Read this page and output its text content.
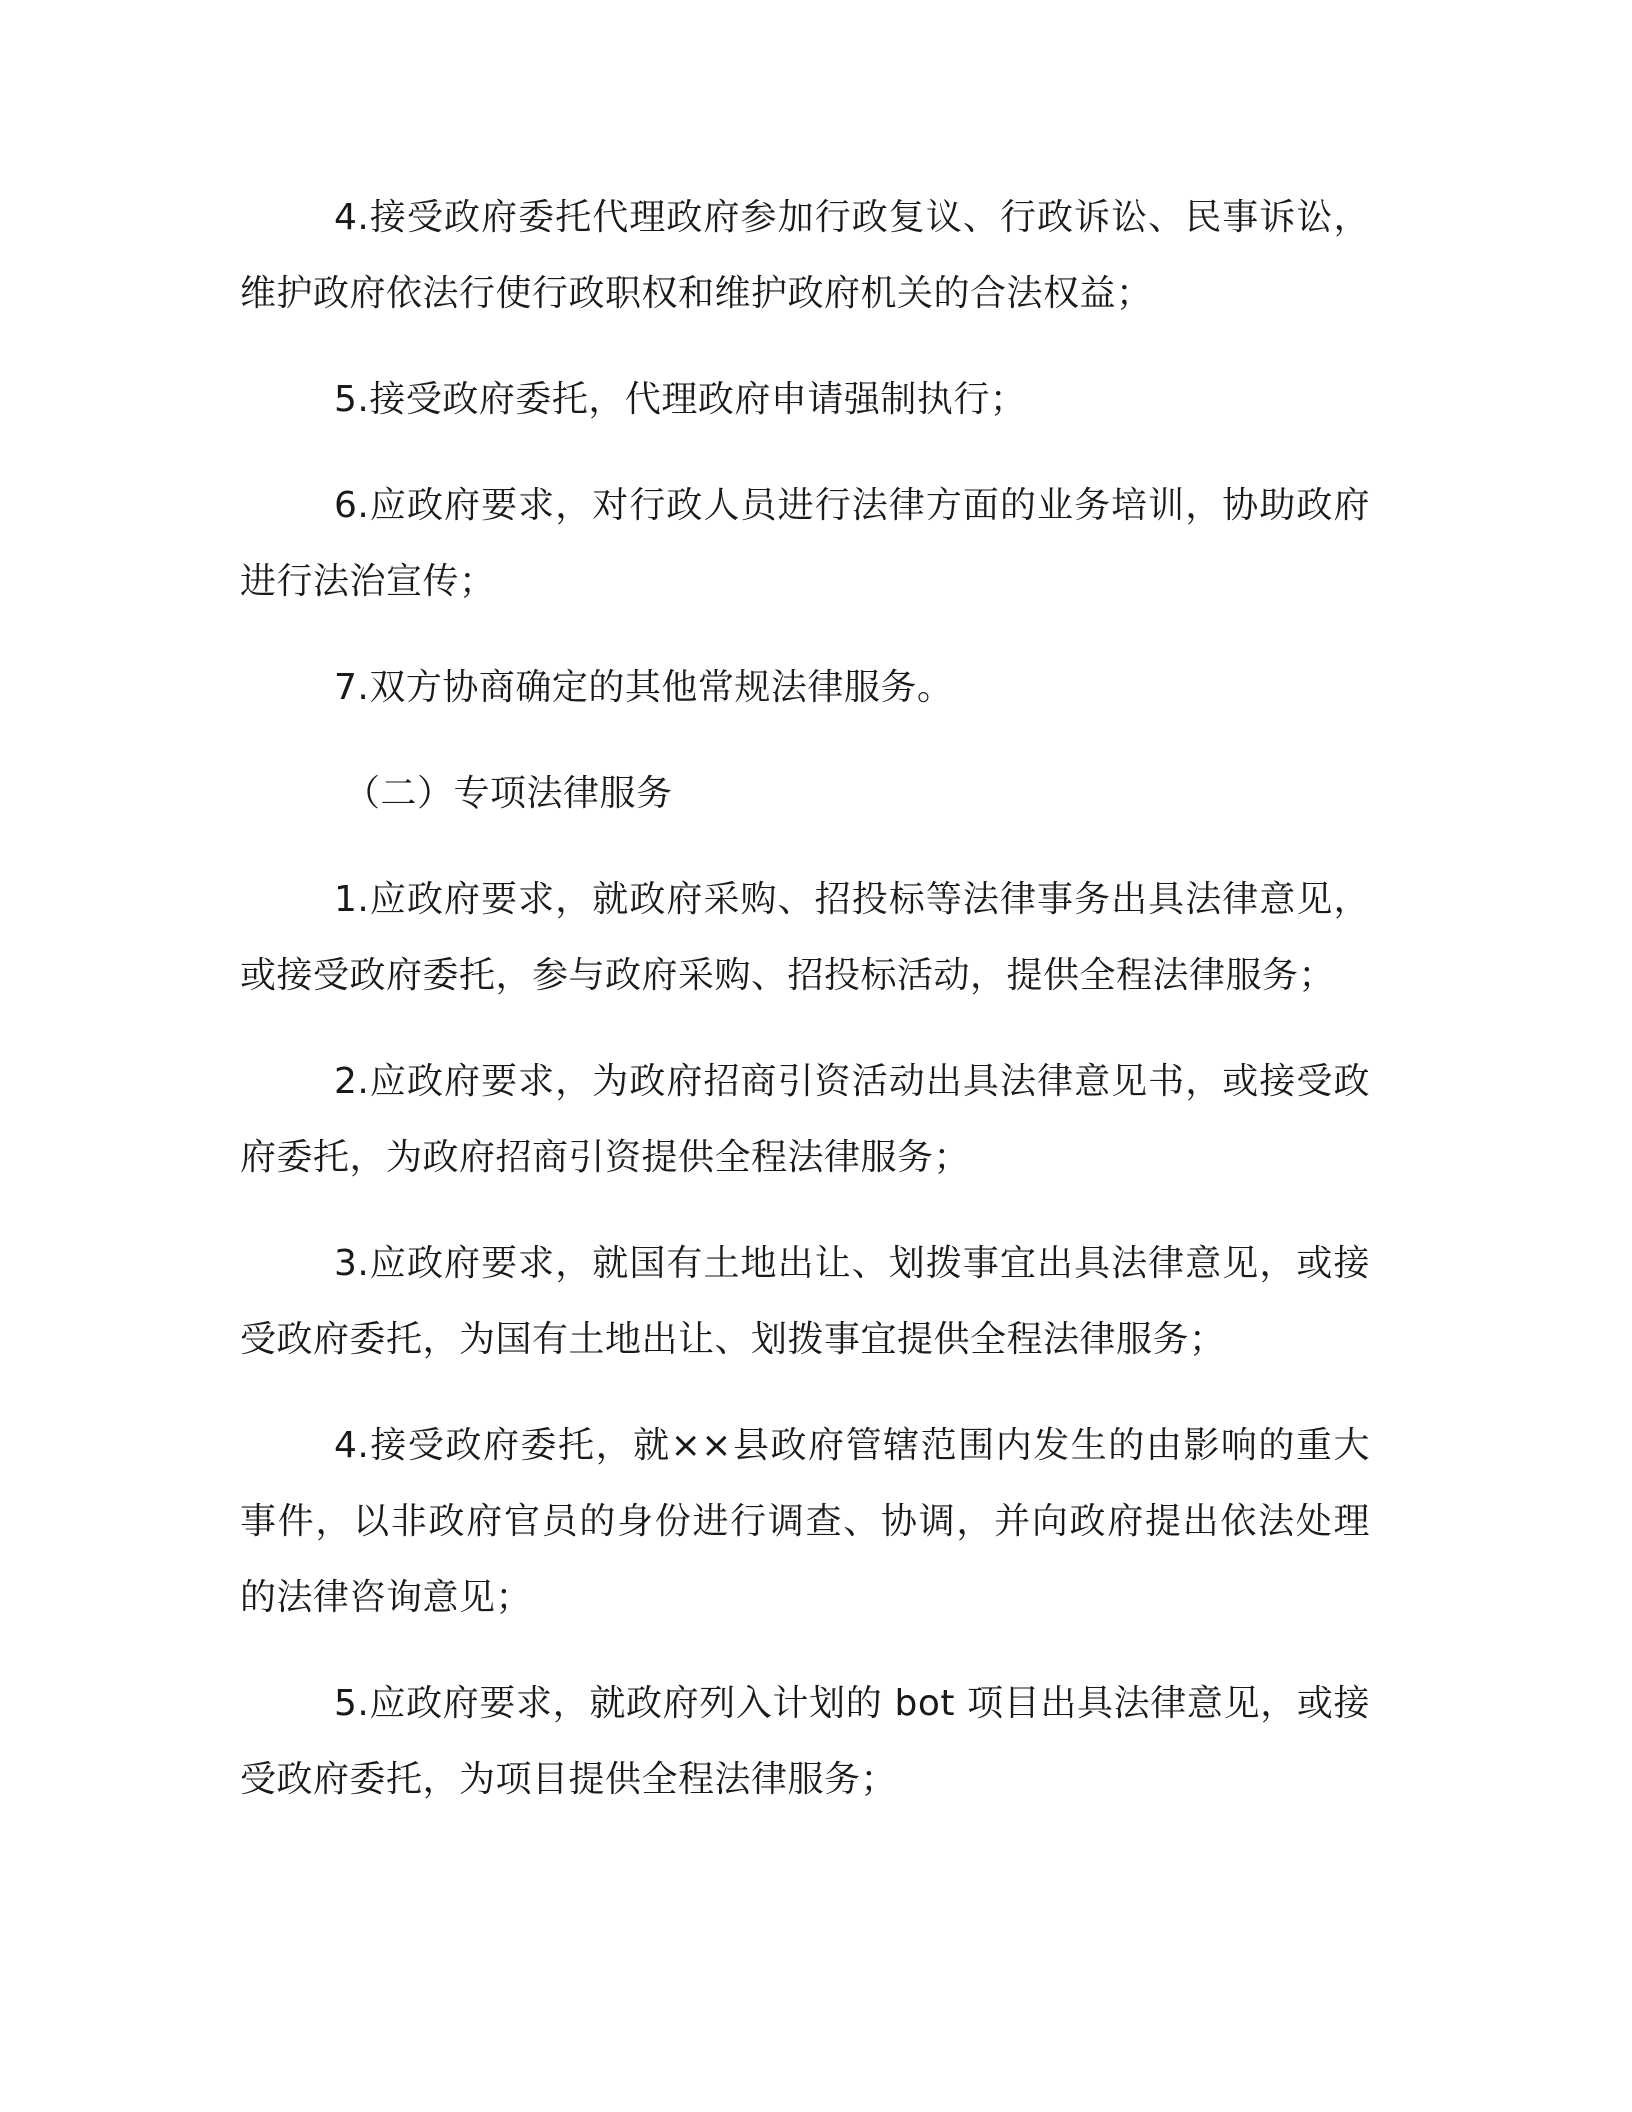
4.接受政府委托代理政府参加行政复议、行政诉讼、民事诉讼，维护政府依法行使行政职权和维护政府机关的合法权益；

5.接受政府委托，代理政府申请强制执行；

6.应政府要求，对行政人员进行法律方面的业务培训，协助政府进行法治宣传；

7.双方协商确定的其他常规法律服务。

（二）专项法律服务

1.应政府要求，就政府采购、招投标等法律事务出具法律意见，或接受政府委托，参与政府采购、招投标活动，提供全程法律服务；

2.应政府要求，为政府招商引资活动出具法律意见书，或接受政府委托，为政府招商引资提供全程法律服务；

3.应政府要求，就国有土地出让、划拨事宜出具法律意见，或接受政府委托，为国有土地出让、划拨事宜提供全程法律服务；

4.接受政府委托，就××县政府管辖范围内发生的由影响的重大事件，以非政府官员的身份进行调查、协调，并向政府提出依法处理的法律咨询意见；

5.应政府要求，就政府列入计划的 bot 项目出具法律意见，或接受政府委托，为项目提供全程法律服务；
